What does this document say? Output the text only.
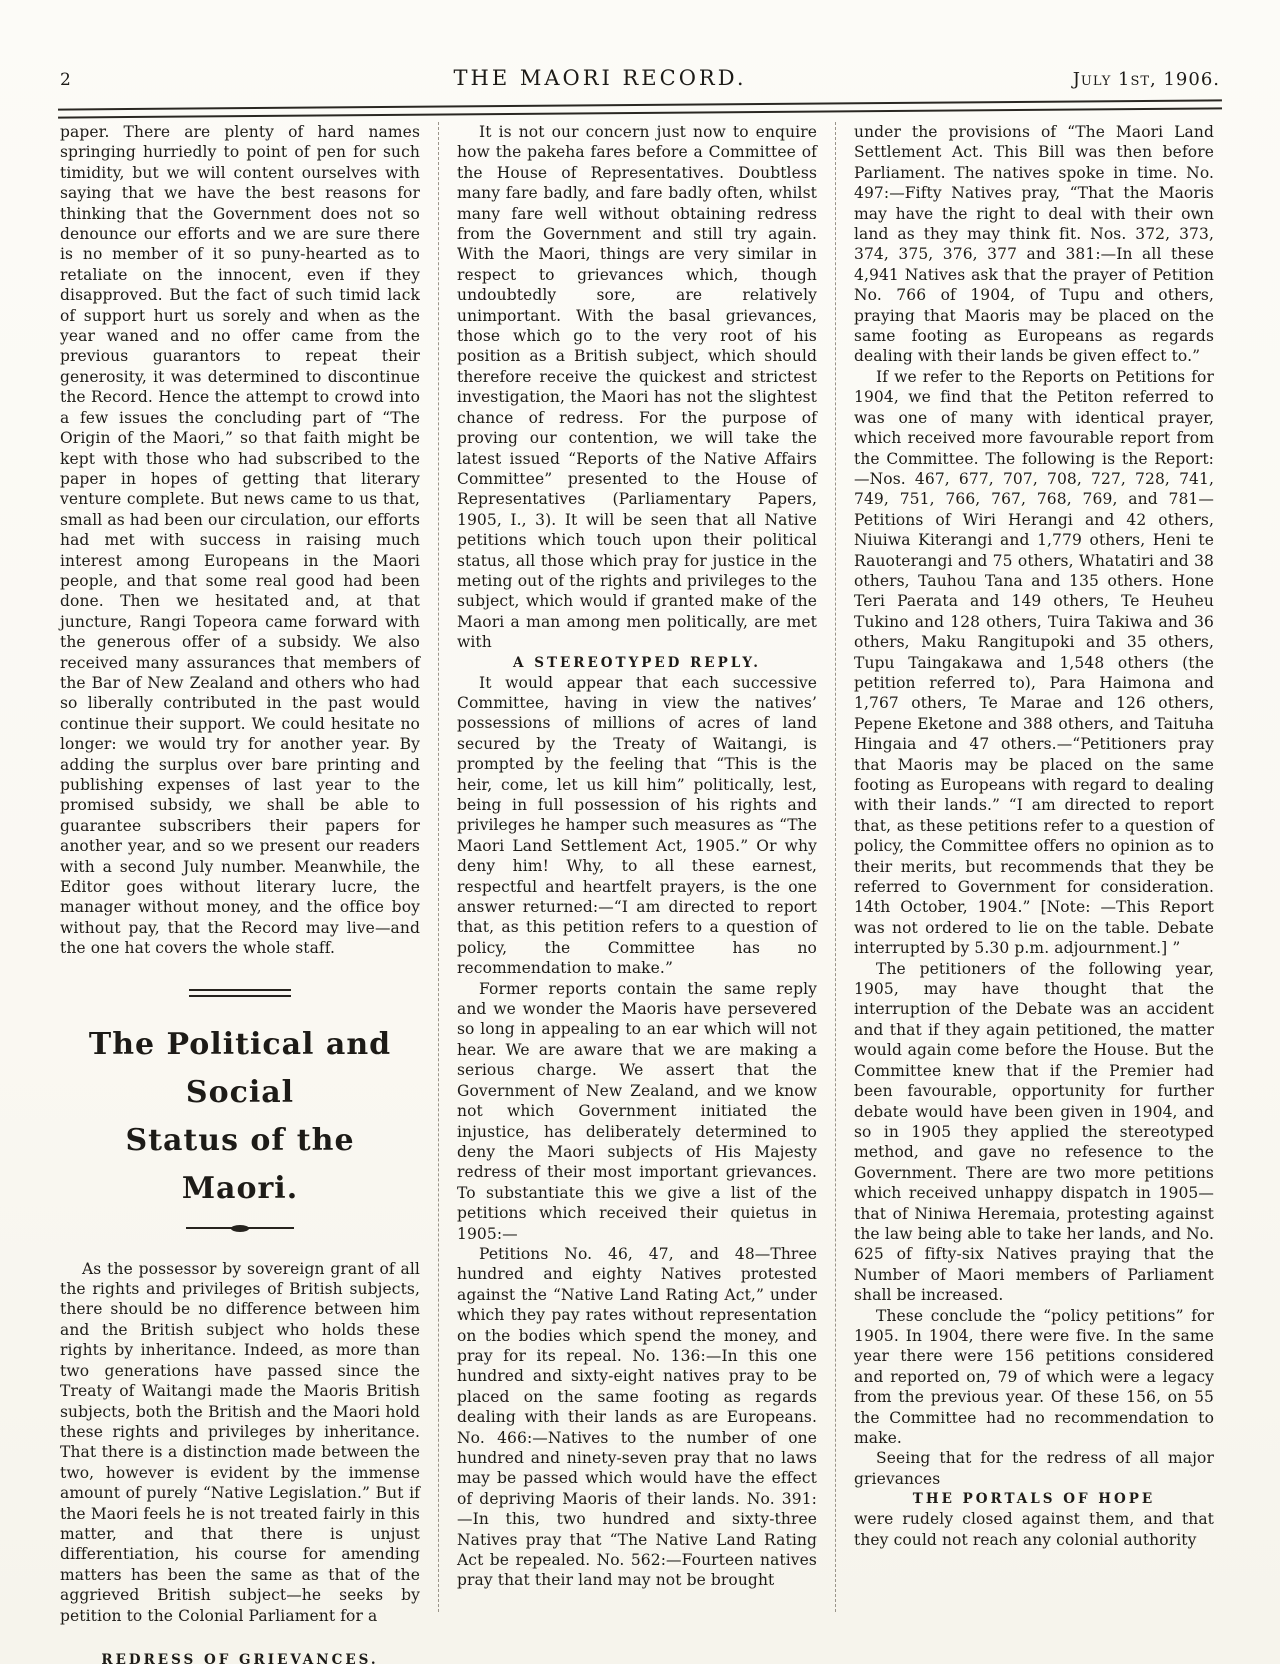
2	THE MAORI RECORD.	July 1st, 1906.

paper. There are plenty of hard names springing hurriedly to point of pen for such timidity, but we will content ourselves with saying that we have the best reasons for thinking that the Government does not so denounce our efforts and we are sure there is no member of it so puny-hearted as to retaliate on the innocent, even if they disapproved. But the fact of such timid lack of support hurt us sorely and when as the year waned and no offer came from the previous guarantors to repeat their generosity, it was determined to discontinue the Record. Hence the attempt to crowd into a few issues the concluding part of “The Origin of the Maori,” so that faith might be kept with those who had subscribed to the paper in hopes of getting that literary venture complete. But news came to us that, small as had been our circulation, our efforts had met with success in raising much interest among Europeans in the Maori people, and that some real good had been done. Then we hesitated and, at that juncture, Rangi Topeora came forward with the generous offer of a subsidy. We also received many assurances that members of the Bar of New Zealand and others who had so liberally contributed in the past would continue their support. We could hesitate no longer: we would try for another year. By adding the surplus over bare printing and publishing expenses of last year to the promised subsidy, we shall be able to guarantee subscribers their papers for another year, and so we present our readers with a second July number. Meanwhile, the Editor goes without literary lucre, the manager without money, and the office boy without pay, that the Record may live—and the one hat covers the whole staff.

The Political and Social
Status of the Maori.

As the possessor by sovereign grant of all the rights and privileges of British subjects, there should be no difference between him and the British subject who holds these rights by inheritance. Indeed, as more than two generations have passed since the Treaty of Waitangi made the Maoris British subjects, both the British and the Maori hold these rights and privileges by inheritance. That there is a distinction made between the two, however is evident by the immense amount of purely “Native Legislation.” But if the Maori feels he is not treated fairly in this matter, and that there is unjust differentiation, his course for amending matters has been the same as that of the aggrieved British subject—he seeks by petition to the Colonial Parliament for a

REDRESS OF GRIEVANCES.

It is not our concern just now to enquire how the pakeha fares before a Committee of the House of Representatives. Doubtless many fare badly, and fare badly often, whilst many fare well without obtaining redress from the Government and still try again. With the Maori, things are very similar in respect to grievances which, though undoubtedly sore, are relatively unimportant. With the basal grievances, those which go to the very root of his position as a British subject, which should therefore receive the quickest and strictest investigation, the Maori has not the slightest chance of redress. For the purpose of proving our contention, we will take the latest issued “Reports of the Native Affairs Committee” presented to the House of Representatives (Parliamentary Papers, 1905, I., 3). It will be seen that all Native petitions which touch upon their political status, all those which pray for justice in the meting out of the rights and privileges to the subject, which would if granted make of the Maori a man among men politically, are met with

A STEREOTYPED REPLY.

It would appear that each successive Committee, having in view the natives’ possessions of millions of acres of land secured by the Treaty of Waitangi, is prompted by the feeling that “This is the heir, come, let us kill him” politically, lest, being in full possession of his rights and privileges he hamper such measures as “The Maori Land Settlement Act, 1905.” Or why deny him! Why, to all these earnest, respectful and heartfelt prayers, is the one answer returned:—“I am directed to report that, as this petition refers to a question of policy, the Committee has no recommendation to make.”

Former reports contain the same reply and we wonder the Maoris have persevered so long in appealing to an ear which will not hear. We are aware that we are making a serious charge. We assert that the Government of New Zealand, and we know not which Government initiated the injustice, has deliberately determined to deny the Maori subjects of His Majesty redress of their most important grievances. To substantiate this we give a list of the petitions which received their quietus in 1905:—

Petitions No. 46, 47, and 48—Three hundred and eighty Natives protested against the “Native Land Rating Act,” under which they pay rates without representation on the bodies which spend the money, and pray for its repeal. No. 136:—In this one hundred and sixty-eight natives pray to be placed on the same footing as regards dealing with their lands as are Europeans. No. 466:—Natives to the number of one hundred and ninety-seven pray that no laws may be passed which would have the effect of depriving Maoris of their lands. No. 391:—In this, two hundred and sixty-three Natives pray that “The Native Land Rating Act be repealed. No. 562:—Fourteen natives pray that their land may not be brought

under the provisions of “The Maori Land Settlement Act. This Bill was then before Parliament. The natives spoke in time. No. 497:—Fifty Natives pray, “That the Maoris may have the right to deal with their own land as they may think fit. Nos. 372, 373, 374, 375, 376, 377 and 381:—In all these 4,941 Natives ask that the prayer of Petition No. 766 of 1904, of Tupu and others, praying that Maoris may be placed on the same footing as Europeans as regards dealing with their lands be given effect to.”

If we refer to the Reports on Petitions for 1904, we find that the Petiton referred to was one of many with identical prayer, which received more favourable report from the Committee. The following is the Report:—Nos. 467, 677, 707, 708, 727, 728, 741, 749, 751, 766, 767, 768, 769, and 781—Petitions of Wiri Herangi and 42 others, Niuiwa Kiterangi and 1,779 others, Heni te Rauoterangi and 75 others, Whatatiri and 38 others, Tauhou Tana and 135 others. Hone Teri Paerata and 149 others, Te Heuheu Tukino and 128 others, Tuira Takiwa and 36 others, Maku Rangitupoki and 35 others, Tupu Taingakawa and 1,548 others (the petition referred to), Para Haimona and 1,767 others, Te Marae and 126 others, Pepene Eketone and 388 others, and Taituha Hingaia and 47 others.—“Petitioners pray that Maoris may be placed on the same footing as Europeans with regard to dealing with their lands.” “I am directed to report that, as these petitions refer to a question of policy, the Committee offers no opinion as to their merits, but recommends that they be referred to Government for consideration. 14th October, 1904.” [Note: —This Report was not ordered to lie on the table. Debate interrupted by 5.30 p.m. adjournment.] ”

The petitioners of the following year, 1905, may have thought that the interruption of the Debate was an accident and that if they again petitioned, the matter would again come before the House. But the Committee knew that if the Premier had been favourable, opportunity for further debate would have been given in 1904, and so in 1905 they applied the stereotyped method, and gave no refesence to the Government. There are two more petitions which received unhappy dispatch in 1905—that of Niniwa Heremaia, protesting against the law being able to take her lands, and No. 625 of fifty-six Natives praying that the Number of Maori members of Parliament shall be increased.

These conclude the “policy petitions” for 1905. In 1904, there were five. In the same year there were 156 petitions considered and reported on, 79 of which were a legacy from the previous year. Of these 156, on 55 the Committee had no recommendation to make.

Seeing that for the redress of all major grievances

THE PORTALS OF HOPE

were rudely closed against them, and that they could not reach any colonial authority
